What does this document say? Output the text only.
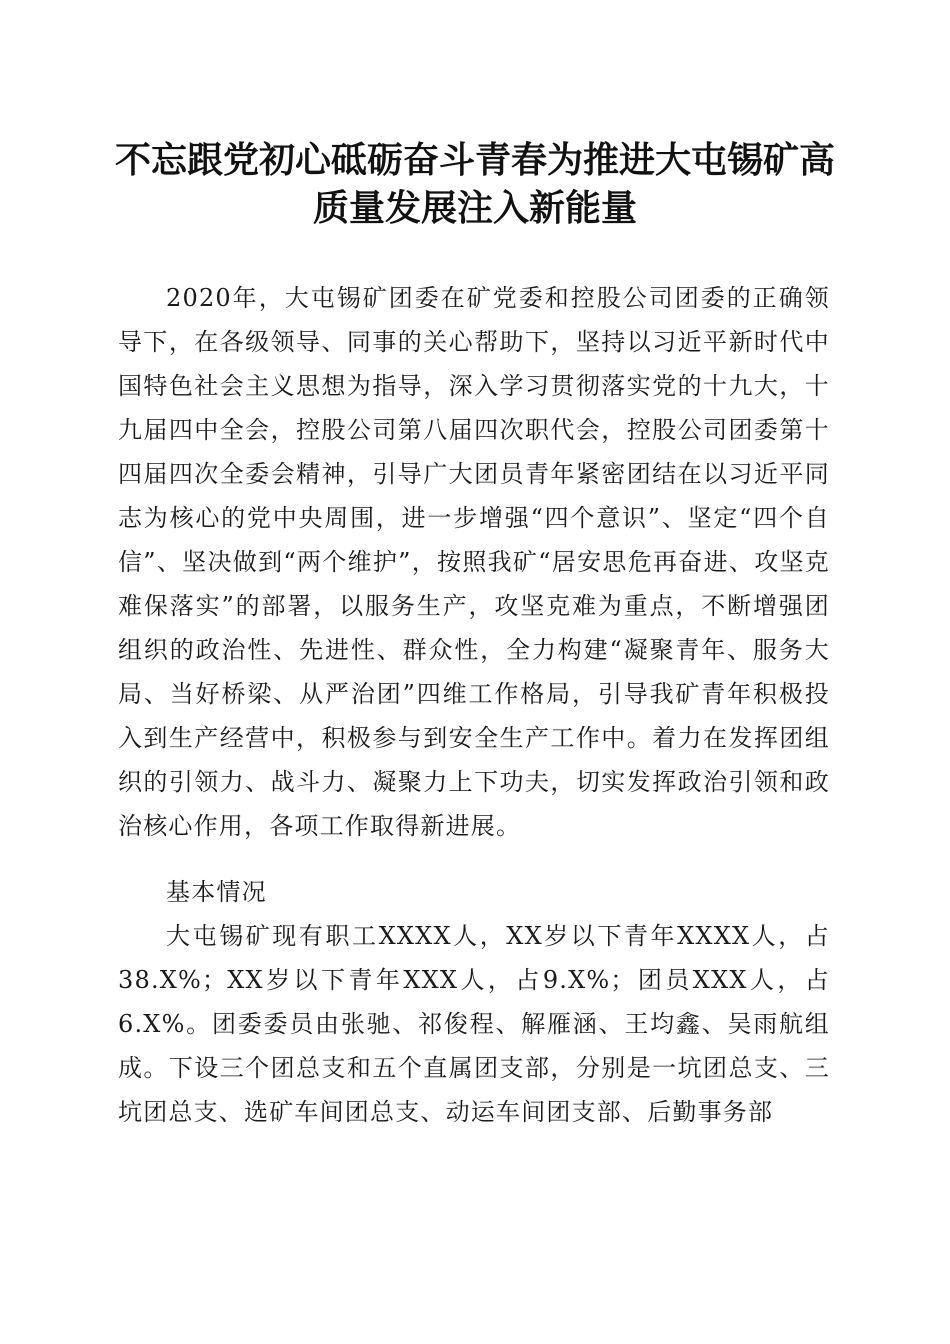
不忘跟党初心砥砺奋斗青春为推进大屯锡矿高
质量发展注入新能量

2020年，大屯锡矿团委在矿党委和控股公司团委的正确领导下，在各级领导、同事的关心帮助下，坚持以习近平新时代中国特色社会主义思想为指导，深入学习贯彻落实党的十九大，十九届四中全会，控股公司第八届四次职代会，控股公司团委第十四届四次全委会精神，引导广大团员青年紧密团结在以习近平同志为核心的党中央周围，进一步增强“四个意识”、坚定“四个自信”、坚决做到“两个维护”，按照我矿“居安思危再奋进、攻坚克难保落实”的部署，以服务生产，攻坚克难为重点，不断增强团组织的政治性、先进性、群众性，全力构建“凝聚青年、服务大局、当好桥梁、从严治团”四维工作格局，引导我矿青年积极投入到生产经营中，积极参与到安全生产工作中。着力在发挥团组织的引领力、战斗力、凝聚力上下功夫，切实发挥政治引领和政治核心作用，各项工作取得新进展。

基本情况

大屯锡矿现有职工XXXX人，XX岁以下青年XXXX人，占38.X%；XX岁以下青年XXX人，占9.X%；团员XXX人，占6.X%。团委委员由张驰、祁俊程、解雁涵、王均鑫、吴雨航组成。下设三个团总支和五个直属团支部，分别是一坑团总支、三坑团总支、选矿车间团总支、动运车间团支部、后勤事务部
